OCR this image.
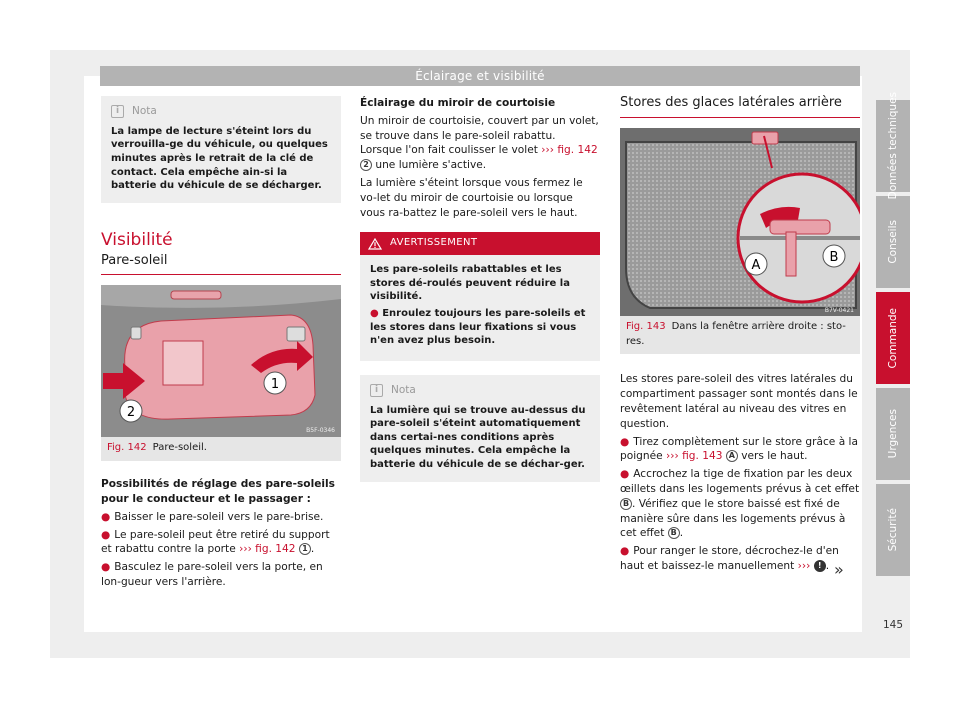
Éclairage et visibilité
i	Nota
La lampe de lecture s'éteint lors du verrouilla-ge du véhicule, ou quelques minutes après le retrait de la clé de contact. Cela empêche ain-si la batterie du véhicule de se décharger.
Visibilité
Pare-soleil
1
2
B5F-0346
Fig. 142 Pare-soleil.

Possibilités de réglage des pare-soleils pour le conducteur et le passager :

● Baisser le pare-soleil vers le pare-brise.

● Le pare-soleil peut être retiré du support et rabattu contre la porte ››› fig. 142 1 .

● Basculez le pare-soleil vers la porte, en lon-gueur vers l'arrière.

Éclairage du miroir de courtoisie

Un miroir de courtoisie, couvert par un volet, se trouve dans le pare-soleil rabattu. Lorsque l'on fait coulisser le volet ››› fig. 142 2 une lumière s'active.

La lumière s'éteint lorsque vous fermez le vo-let du miroir de courtoisie ou lorsque vous ra-battez le pare-soleil vers le haut.

AVERTISSEMENT

Les pare-soleils rabattables et les stores dé-roulés peuvent réduire la visibilité.

● Enroulez toujours les pare-soleils et les stores dans leur fixations si vous n'en avez plus besoin.

i	Nota
La lumière qui se trouve au-dessus du pare-soleil s'éteint automatiquement dans certai-nes conditions après quelques minutes. Cela empêche la batterie du véhicule de se déchar-ger.
Stores des glaces latérales arrière
A
B
B7V-0421
Fig. 143 Dans la fenêtre arrière droite : sto-res.

Les stores pare-soleil des vitres latérales du compartiment passager sont montés dans le revêtement latéral au niveau des vitres en question.

● Tirez complètement sur le store grâce à la poignée ››› fig. 143 A vers le haut.

● Accrochez la tige de fixation par les deux œillets dans les logements prévus à cet effet B . Vérifiez que le store baissé est fixé de manière sûre dans les logements prévus à cet effet B .

● Pour ranger le store, décrochez-le d'en haut et baissez-le manuellement ››› ! . »
Données techniques
Conseils
Commande
Urgences
Sécurité
145
